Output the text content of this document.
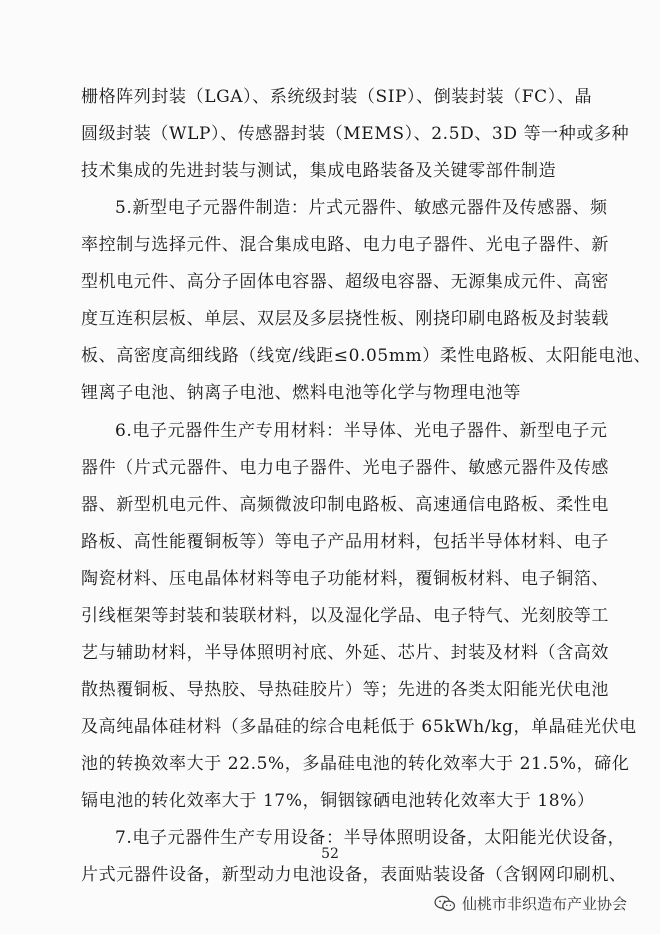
栅格阵列封装（LGA）、系统级封装（SIP）、倒装封装（FC）、晶
圆级封装（WLP）、传感器封装（MEMS）、2.5D、3D 等一种或多种
技术集成的先进封装与测试，集成电路装备及关键零部件制造
5.新型电子元器件制造：片式元器件、敏感元器件及传感器、频
率控制与选择元件、混合集成电路、电力电子器件、光电子器件、新
型机电元件、高分子固体电容器、超级电容器、无源集成元件、高密
度互连积层板、单层、双层及多层挠性板、刚挠印刷电路板及封装载
板、高密度高细线路（线宽/线距≤0.05mm）柔性电路板、太阳能电池、
锂离子电池、钠离子电池、燃料电池等化学与物理电池等
6.电子元器件生产专用材料：半导体、光电子器件、新型电子元
器件（片式元器件、电力电子器件、光电子器件、敏感元器件及传感
器、新型机电元件、高频微波印制电路板、高速通信电路板、柔性电
路板、高性能覆铜板等）等电子产品用材料，包括半导体材料、电子
陶瓷材料、压电晶体材料等电子功能材料，覆铜板材料、电子铜箔、
引线框架等封装和装联材料，以及湿化学品、电子特气、光刻胶等工
艺与辅助材料，半导体照明衬底、外延、芯片、封装及材料（含高效
散热覆铜板、导热胶、导热硅胶片）等；先进的各类太阳能光伏电池
及高纯晶体硅材料（多晶硅的综合电耗低于 65kWh/kg，单晶硅光伏电
池的转换效率大于 22.5%，多晶硅电池的转化效率大于 21.5%，碲化
镉电池的转化效率大于 17%，铜铟镓硒电池转化效率大于 18%）
7.电子元器件生产专用设备：半导体照明设备，太阳能光伏设备，
片式元器件设备，新型动力电池设备，表面贴装设备（含钢网印刷机、
52
仙桃市非织造布产业协会
